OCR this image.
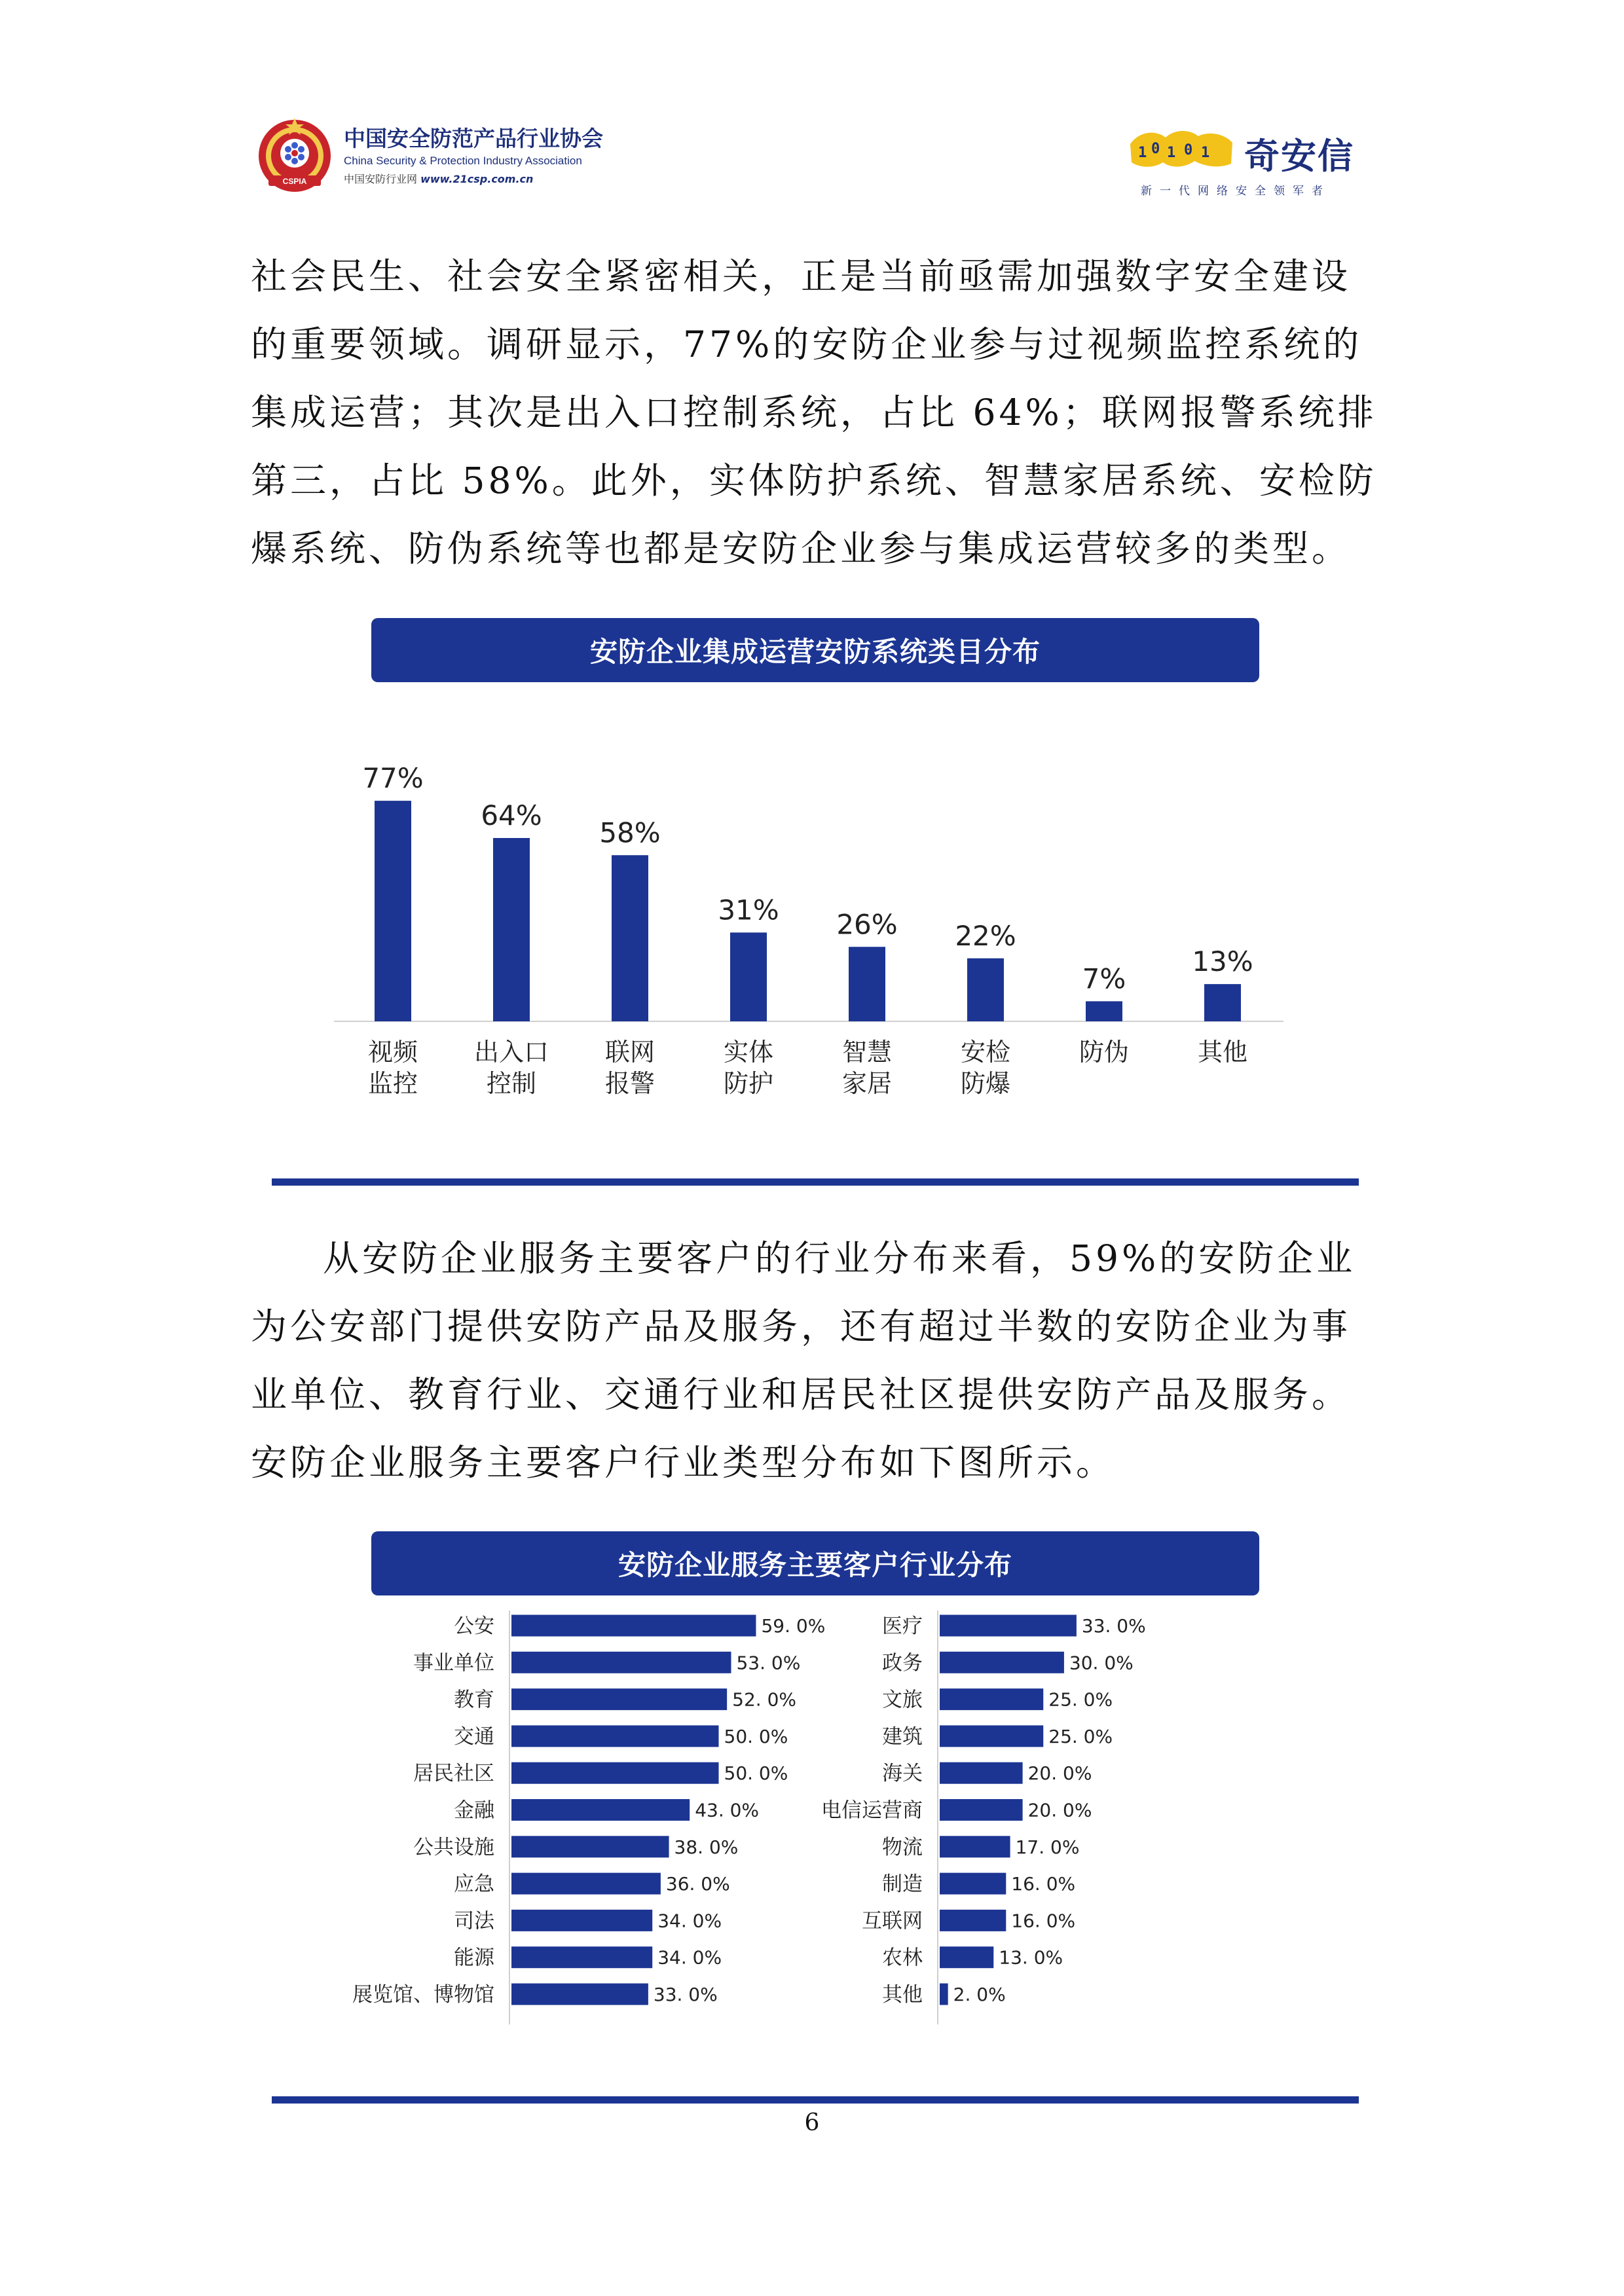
CSPIA
中国安全防范产品行业协会
China Security & Protection Industry Association
中国安防行业网 www.21csp.com.cn
1 0 1 0 1 奇安信
新一代网络安全领军者
社会民生、社会安全紧密相关，正是当前亟需加强数字安全建设
的重要领域。调研显示，77%的安防企业参与过视频监控系统的
集成运营；其次是出入口控制系统，占比 64%；联网报警系统排
第三，占比 58%。此外，实体防护系统、智慧家居系统、安检防
爆系统、防伪系统等也都是安防企业参与集成运营较多的类型。
安防企业集成运营安防系统类目分布
77%
视频
监控
64%
出入口
控制
58%
联网
报警
31%
实体
防护
26%
智慧
家居
22%
安检
防爆
7%
防伪
13%
其他
从安防企业服务主要客户的行业分布来看，59%的安防企业
为公安部门提供安防产品及服务，还有超过半数的安防企业为事
业单位、教育行业、交通行业和居民社区提供安防产品及服务。
安防企业服务主要客户行业类型分布如下图所示。
安防企业服务主要客户行业分布
公安	59. 0%
事业单位	53. 0%
教育	52. 0%
交通	50. 0%
居民社区	50. 0%
金融	43. 0%
公共设施	38. 0%
应急	36. 0%
司法	34. 0%
能源	34. 0%
展览馆、博物馆	33. 0%
医疗	33. 0%
政务	30. 0%
文旅	25. 0%
建筑	25. 0%
海关	20. 0%
电信运营商	20. 0%
物流	17. 0%
制造	16. 0%
互联网	16. 0%
农林	13. 0%
其他 2. 0%
6
